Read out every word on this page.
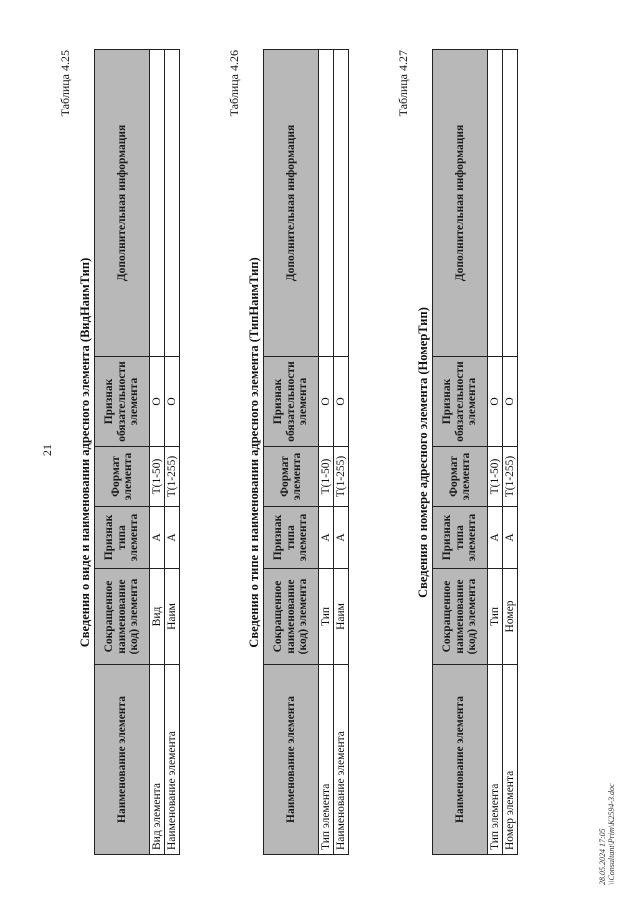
21
Таблица 4.25
Сведения о виде и наименовании адресного элемента (ВидНаимТип)
Наименование элемента	Сокращенное наименование (код) элемента	Признак типа элемента	Формат элемента	Признак обязательности элемента	Дополнительная информация
Вид элемента	Вид	А	Т(1-50)	О	
Наименование элемента	Наим	А	Т(1-255)	О	
Таблица 4.26
Сведения о типе и наименовании адресного элемента (ТипНаимТип)
Наименование элемента	Сокращенное наименование (код) элемента	Признак типа элемента	Формат элемента	Признак обязательности элемента	Дополнительная информация
Тип элемента	Тип	А	Т(1-50)	О	
Наименование элемента	Наим	А	Т(1-255)	О	
Таблица 4.27
Сведения о номере адресного элемента (НомерТип)
Наименование элемента	Сокращенное наименование (код) элемента	Признак типа элемента	Формат элемента	Признак обязательности элемента	Дополнительная информация
Тип элемента	Тип	А	Т(1-50)	О	
Номер элемента	Номер	А	Т(1-255)	О	
28.05.2024 17:05 \\Consultant\Prim\K2594-3.doc
